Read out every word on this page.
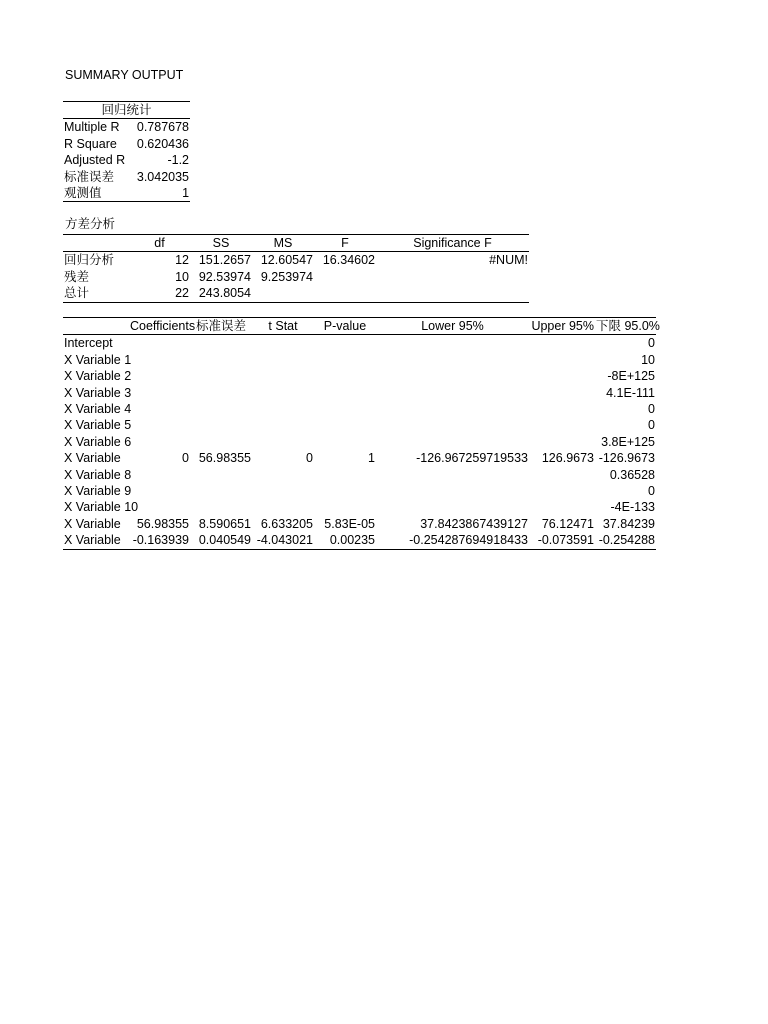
SUMMARY OUTPUT
回归统计	
Multiple R	0.787678
R Square	0.620436
Adjusted R	-1.2
标准误差	3.042035
观测值	1
方差分析
	df	SS	MS	F	Significance F
回归分析	12	151.2657	12.60547	16.34602	#NUM!
残差	10	92.53974	9.253974		
总计	22	243.8054			
	Coefficients	标准误差	t Stat	P-value	Lower 95%	Upper 95%	下限 95.0%
Intercept							0
X Variable 1							10
X Variable 2							-8E+125
X Variable 3							4.1E-111
X Variable 4							0
X Variable 5							0
X Variable 6							3.8E+125
X Variable	0	56.98355	0	1	-126.967259719533	126.9673	-126.9673
X Variable 8							0.36528
X Variable 9							0
X Variable 10							-4E-133
X Variable	56.98355	8.590651	6.633205	5.83E-05	37.8423867439127	76.12471	37.84239
X Variable	-0.163939	0.040549	-4.043021	0.00235	-0.254287694918433	-0.073591	-0.254288
